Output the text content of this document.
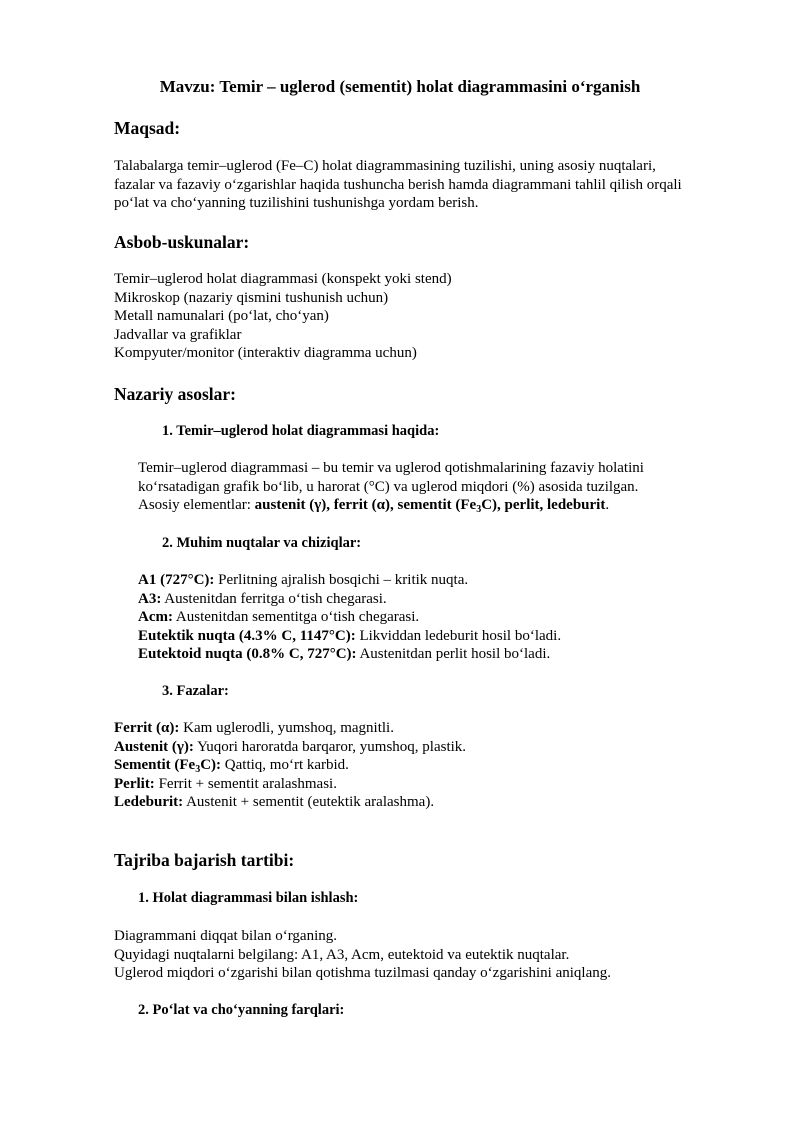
Mavzu: Temir – uglerod (sementit) holat diagrammasini o‘rganish
Maqsad:
Talabalarga temir–uglerod (Fe–C) holat diagrammasining tuzilishi, uning asosiy nuqtalari,
fazalar va fazaviy o‘zgarishlar haqida tushuncha berish hamda diagrammani tahlil qilish orqali
po‘lat va cho‘yanning tuzilishini tushunishga yordam berish.
Asbob-uskunalar:
Temir–uglerod holat diagrammasi (konspekt yoki stend)
Mikroskop (nazariy qismini tushunish uchun)
Metall namunalari (po‘lat, cho‘yan)
Jadvallar va grafiklar
Kompyuter/monitor (interaktiv diagramma uchun)
Nazariy asoslar:
1. Temir–uglerod holat diagrammasi haqida:
Temir–uglerod diagrammasi – bu temir va uglerod qotishmalarining fazaviy holatini
ko‘rsatadigan grafik bo‘lib, u harorat (°C) va uglerod miqdori (%) asosida tuzilgan.
Asosiy elementlar: austenit (γ), ferrit (α), sementit $(Fe_3C)$, perlit, ledeburit.
2. Muhim nuqtalar va chiziqlar:
A1 (727°C): Perlitning ajralish bosqichi – kritik nuqta.
A3: Austenitdan ferritga o‘tish chegarasi.
Acm: Austenitdan sementitga o‘tish chegarasi.
Eutektik nuqta (4.3% C, 1147°C): Likviddan ledeburit hosil bo‘ladi.
Eutektoid nuqta (0.8% C, 727°C): Austenitdan perlit hosil bo‘ladi.
3. Fazalar:
Ferrit (α): Kam uglerodli, yumshoq, magnitli.
Austenit (γ): Yuqori haroratda barqaror, yumshoq, plastik.
Sementit $(Fe_3C)$: Qattiq, mo‘rt karbid.
Perlit: Ferrit + sementit aralashmasi.
Ledeburit: Austenit + sementit (eutektik aralashma).
Tajriba bajarish tartibi:
1. Holat diagrammasi bilan ishlash:
Diagrammani diqqat bilan o‘rganing.
Quyidagi nuqtalarni belgilang: A1, A3, Acm, eutektoid va eutektik nuqtalar.
Uglerod miqdori o‘zgarishi bilan qotishma tuzilmasi qanday o‘zgarishini aniqlang.
2. Po‘lat va cho‘yanning farqlari:
